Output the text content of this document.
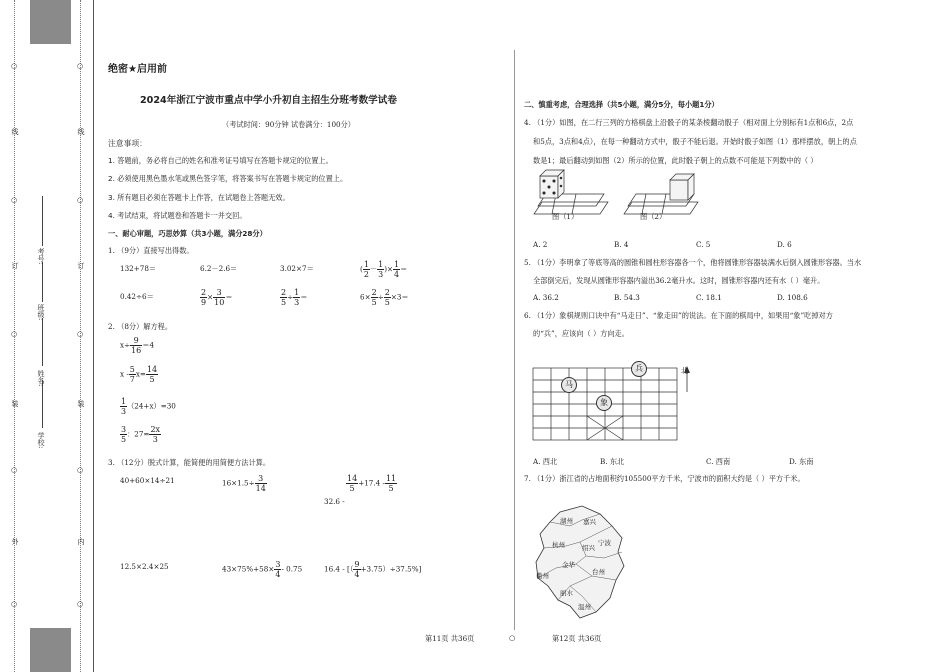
外
装
订
线
内
装
订
线
○
○
○
○
○
○
○
○
○
○
学校:
姓名:
班级:
考号:
绝密★启用前
2024年浙江宁波市重点中学小升初自主招生分班考数学试卷
（考试时间：90分钟 试卷满分：100分）
注意事项：
1. 答题前，务必将自己的姓名和准考证号填写在答题卡规定的位置上。
2. 必须使用黑色墨水笔或黑色签字笔，将答案书写在答题卡规定的位置上。
3. 所有题目必须在答题卡上作答，在试题卷上答题无效。
4. 考试结束，将试题卷和答题卡一并交回。
一、耐心审题，巧思妙算（共3小题，满分28分）
1. （9分）直接写出得数。
132+78＝	6.2－2.6＝	3.02×7＝	( $\frac{1}{2} - \frac{1}{3}$ )× $\frac{1}{4}$ ＝
0.42÷6＝	$\frac{2}{9} \times \frac{3}{10}$ ＝	$\frac{2}{5} \div \frac{1}{3}$ ＝	$6\times \frac{2}{5} \div \frac{2}{5} \times 3=$
2. （8分）解方程。
$x\div \frac{9}{16} =4$
$x - \frac{5}{7} x= \frac{14}{5}$
$\frac{1}{3} (24+x)=30$
$\frac{3}{5}$ ：$27= \frac{2x}{3}$
3. （12分）脱式计算，能简便的用简便方法计算。
40+60×14÷21	$16\times 1.5\div \frac{3}{14}$	$\frac{14}{5} +17.4 - \frac{11}{5}$
32.6 -
12.5×2.4×25	$43\times 75\%+58\times \frac{3}{4} - 0.75$	16.4 - [（ $\frac{9}{4} +3.75)\div 37.5\%$]
第11页 共36页	○
二、慎重考虑，合理选择（共5小题，满分5分，每小题1分）
4. （1分）如图，在二行三列的方格棋盘上沿骰子的某条棱翻动骰子（相对面上分别标有1点和6点，2点
和5点，3点和4点），在每一种翻动方式中，骰子不能后退。开始时骰子如图（1）那样摆放，朝上的点
数是1；最后翻动到如图（2）所示的位置，此时骰子朝上的点数不可能是下列数中的（ ）
图（1）	图（2）
A. 2	B. 4	C. 5	D. 6
5. （1分）李明拿了等底等高的圆锥和圆柱形容器各一个，他将圆锥形容器装满水后倒入圆锥形容器。当水
全部倒完后，发现从圆锥形容器内溢出36.2毫升水。这时，圆锥形容器内还有水（ ）毫升。
A. 36.2	B. 54.3	C. 18.1	D. 108.6
6. （1分）象棋规则口诀中有“马走日”、“象走田”的说法。在下面的棋局中，如果用“象”吃掉对方
的“兵”，应该向（ ）方向走。
马
兵
象
北
A. 西北	B. 东北	C. 西南	D. 东南
7. （1分）浙江省的占地面积约105500平方千米，宁波市的面积大约是（ ）平方千米。
湖州 嘉兴
杭州	绍兴
宁波
金华
台州
衢州
丽水
温州
第12页 共36页
